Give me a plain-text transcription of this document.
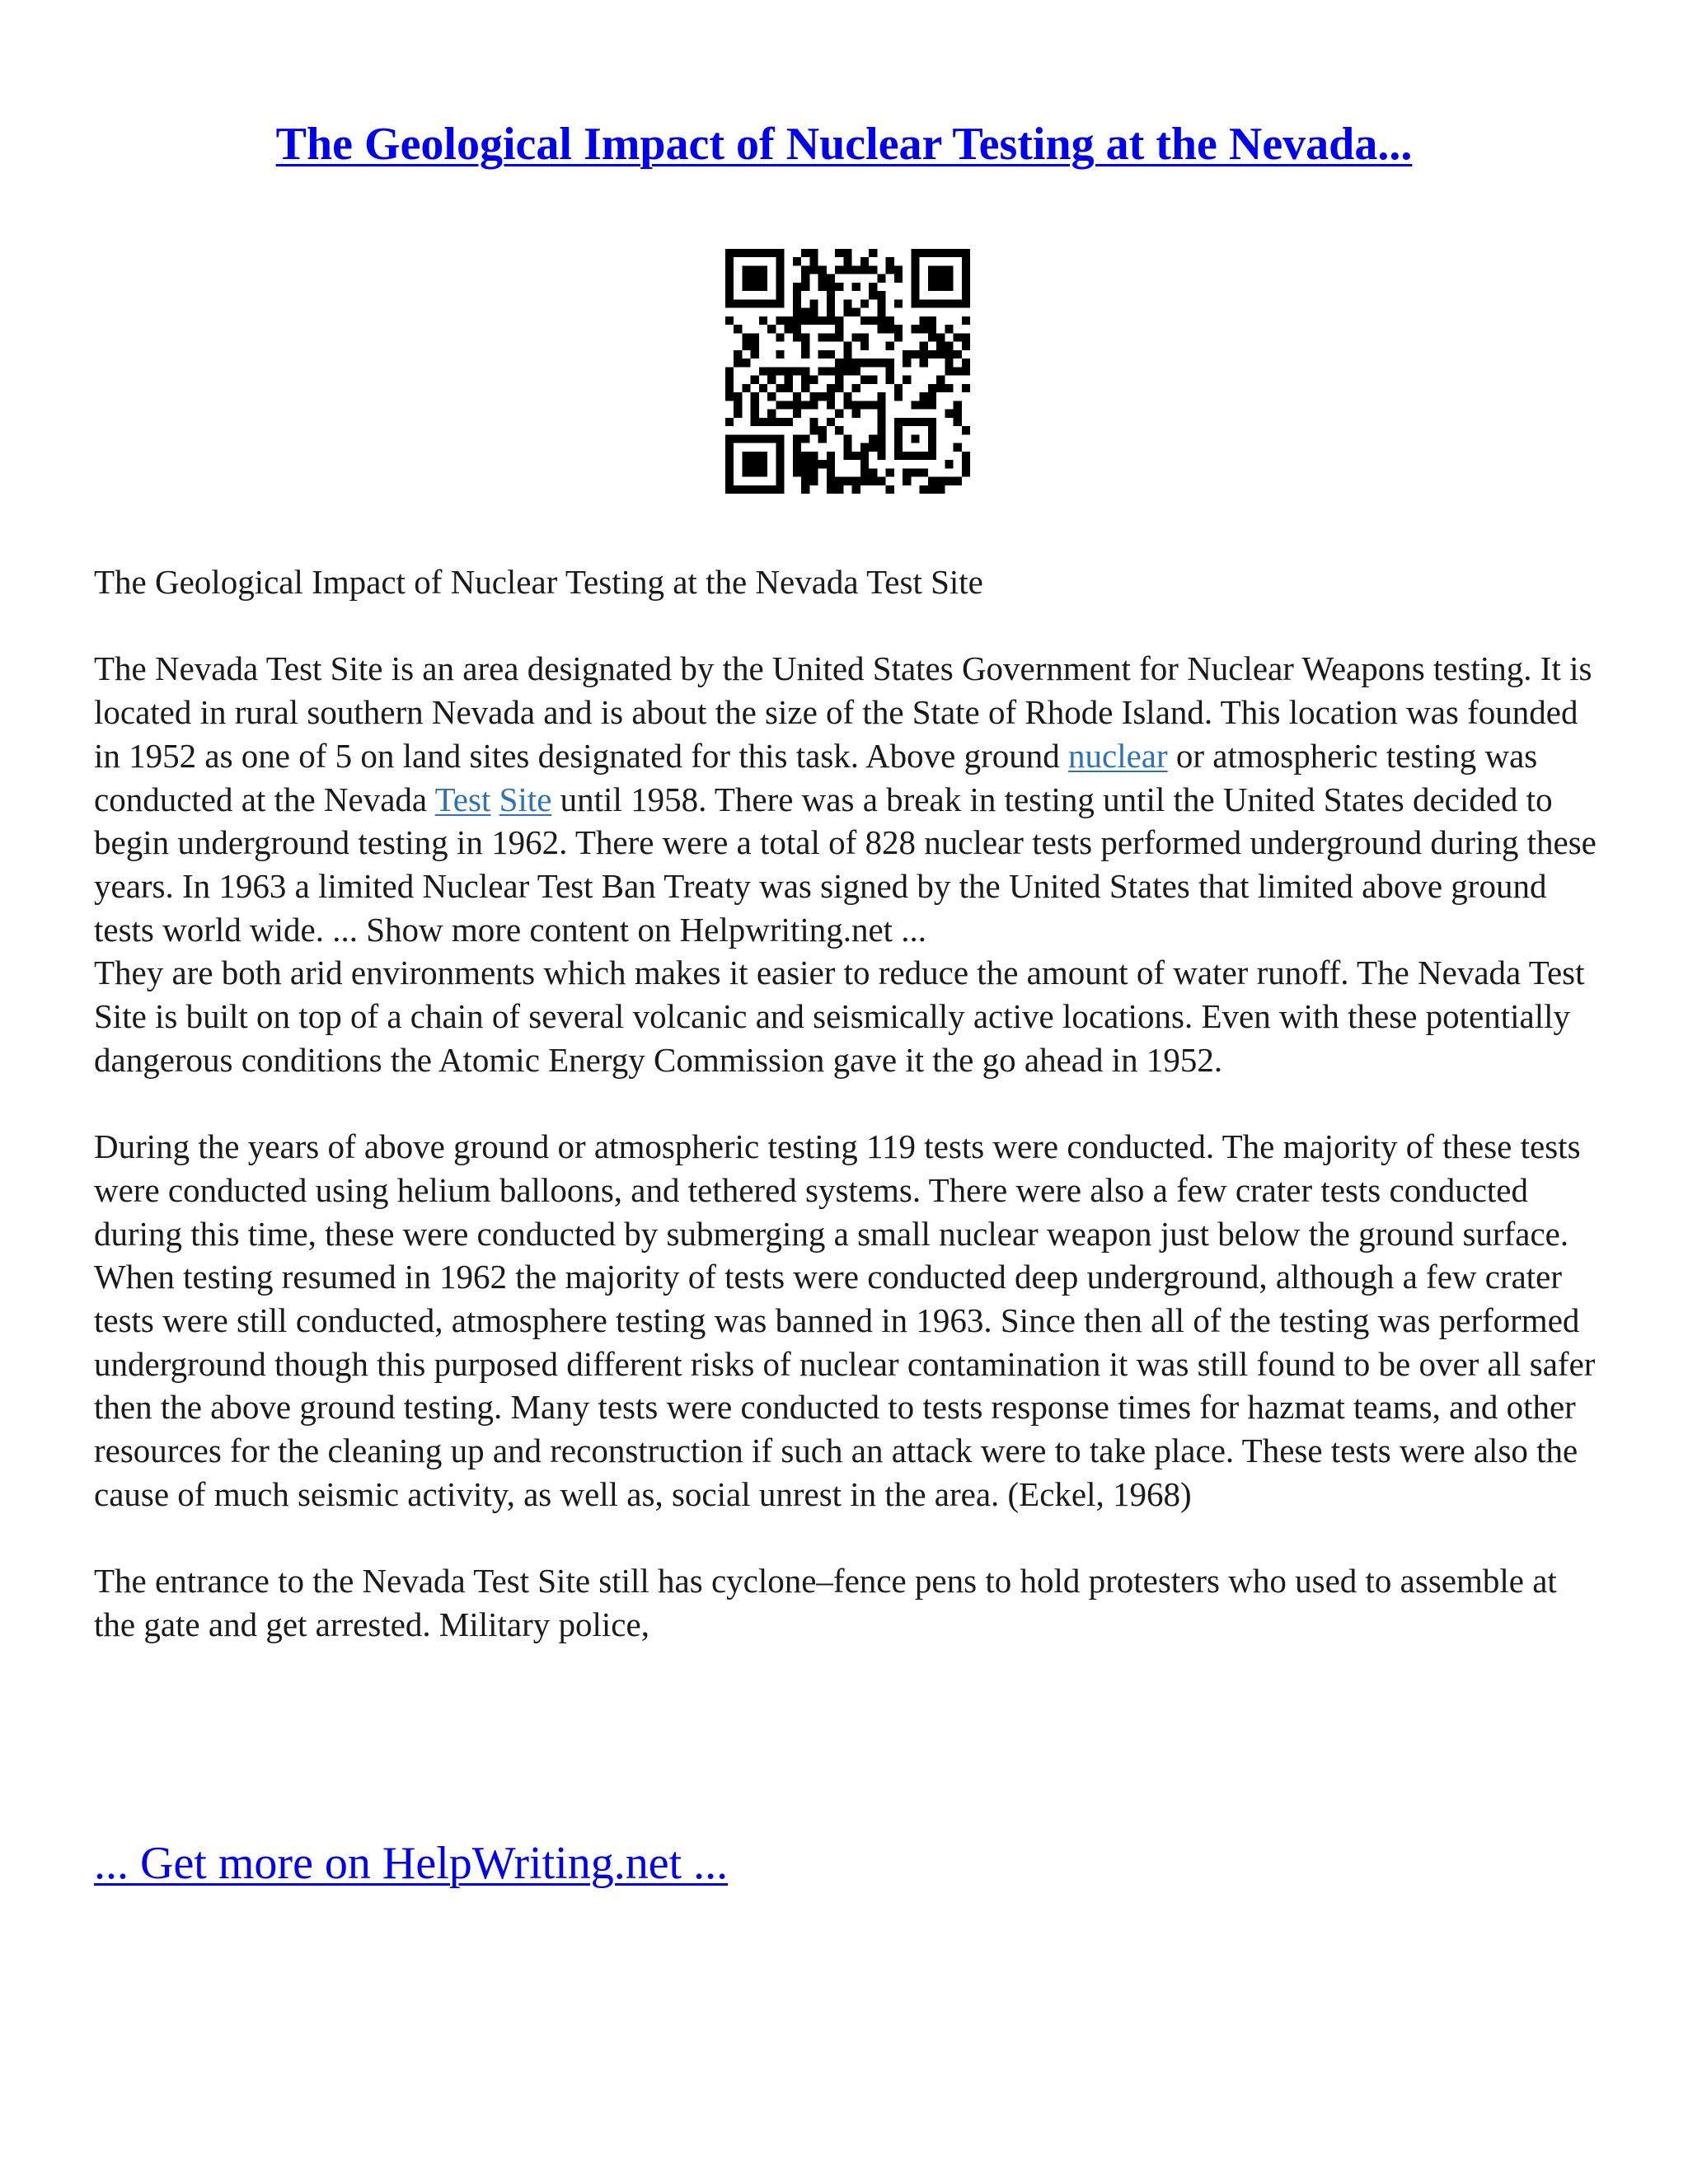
The Geological Impact of Nuclear Testing at the Nevada...

The Geological Impact of Nuclear Testing at the Nevada Test Site

The Nevada Test Site is an area designated by the United States Government for Nuclear Weapons testing. It is located in rural southern Nevada and is about the size of the State of Rhode Island. This location was founded in 1952 as one of 5 on land sites designated for this task. Above ground nuclear or atmospheric testing was conducted at the Nevada Test Site until 1958. There was a break in testing until the United States decided to begin underground testing in 1962. There were a total of 828 nuclear tests performed underground during these years. In 1963 a limited Nuclear Test Ban Treaty was signed by the United States that limited above ground tests world wide. ... Show more content on Helpwriting.net ...

They are both arid environments which makes it easier to reduce the amount of water runoff. The Nevada Test Site is built on top of a chain of several volcanic and seismically active locations. Even with these potentially dangerous conditions the Atomic Energy Commission gave it the go ahead in 1952.

During the years of above ground or atmospheric testing 119 tests were conducted. The majority of these tests were conducted using helium balloons, and tethered systems. There were also a few crater tests conducted during this time, these were conducted by submerging a small nuclear weapon just below the ground surface. When testing resumed in 1962 the majority of tests were conducted deep underground, although a few crater tests were still conducted, atmosphere testing was banned in 1963. Since then all of the testing was performed underground though this purposed different risks of nuclear contamination it was still found to be over all safer then the above ground testing. Many tests were conducted to tests response times for hazmat teams, and other resources for the cleaning up and reconstruction if such an attack were to take place. These tests were also the cause of much seismic activity, as well as, social unrest in the area. (Eckel, 1968)

The entrance to the Nevada Test Site still has cyclone–fence pens to hold protesters who used to assemble at the gate and get arrested. Military police,

... Get more on HelpWriting.net ...
